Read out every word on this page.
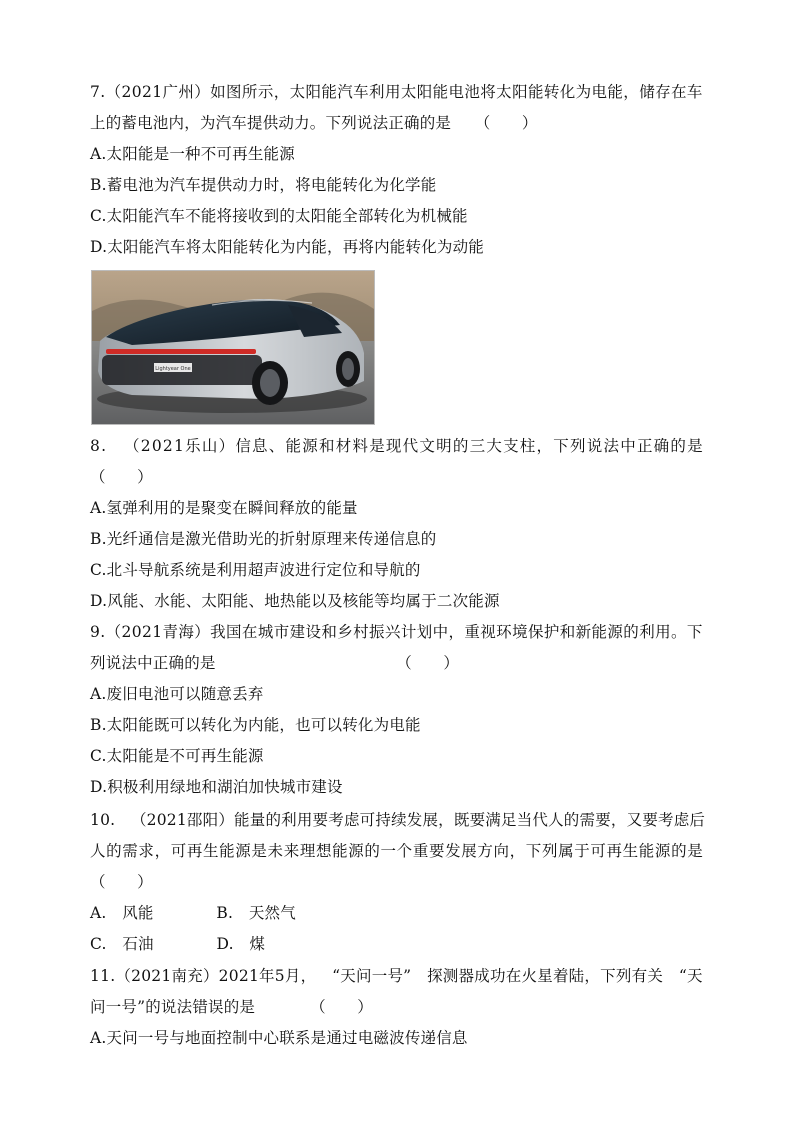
7 . （ 2 0 2 1 广 州 ） 如 图 所 示 ， 太 阳 能 汽 车 利 用 太 阳 能 电 池 将 太 阳 能 转 化 为 电 能 ， 储 存 在 车
上的蓄电池内，为汽车提供动力。下列说法正确的是　　（　　）
A.太阳能是一种不可再生能源
B.蓄电池为汽车提供动力时，将电能转化为化学能
C.太阳能汽车不能将接收到的太阳能全部转化为机械能
D.太阳能汽车将太阳能转化为内能，再将内能转化为动能
Lightyear One
8 .
　 （ 2 0 2 1 乐 山 ） 信 息 、 能 源 和 材 料 是 现 代 文 明 的 三 大 支 柱 ， 下 列 说 法 中 正 确 的 是
（　　）
A.氢弹利用的是聚变在瞬间释放的能量
B.光纤通信是激光借助光的折射原理来传递信息的
C.北斗导航系统是利用超声波进行定位和导航的
D.风能、水能、太阳能、地热能以及核能等均属于二次能源
9 . （ 2 0 2 1 青 海 ） 我 国 在 城 市 建 设 和 乡 村 振 兴 计 划 中 ， 重 视 环 境 保 护 和 新 能 源 的 利 用 。 下
列说法中正确的是　　　　　　　　　　　　（　　）
A.废旧电池可以随意丢弃
B.太阳能既可以转化为内能，也可以转化为电能
C.太阳能是不可再生能源
D.积极利用绿地和湖泊加快城市建设
1 0 .
　 （ 2 0 2 1 邵 阳 ） 能 量 的 利 用 要 考 虑 可 持 续 发 展 ， 既 要 满 足 当 代 人 的 需 要 ， 又 要 考 虑 后
人 的 需 求 ， 可 再 生 能 源 是 未 来 理 想 能 源 的 一 个 重 要 发 展 方 向 ， 下 列 属 于 可 再 生 能 源 的 是
（　　）
A.　风能　　　　B.　天然气
C.　石油　　　　D.　煤
1 1 . （ 2 0 2 1 南 充 ） 2 0 2 1 年 5 月 ，
　 “ 天 问 一 号 ”
　 探 测 器 成 功 在 火 星 着 陆 ， 下 列 有 关
　 “ 天
问一号”的说法错误的是　　　　（　　）
A.天问一号与地面控制中心联系是通过电磁波传递信息
